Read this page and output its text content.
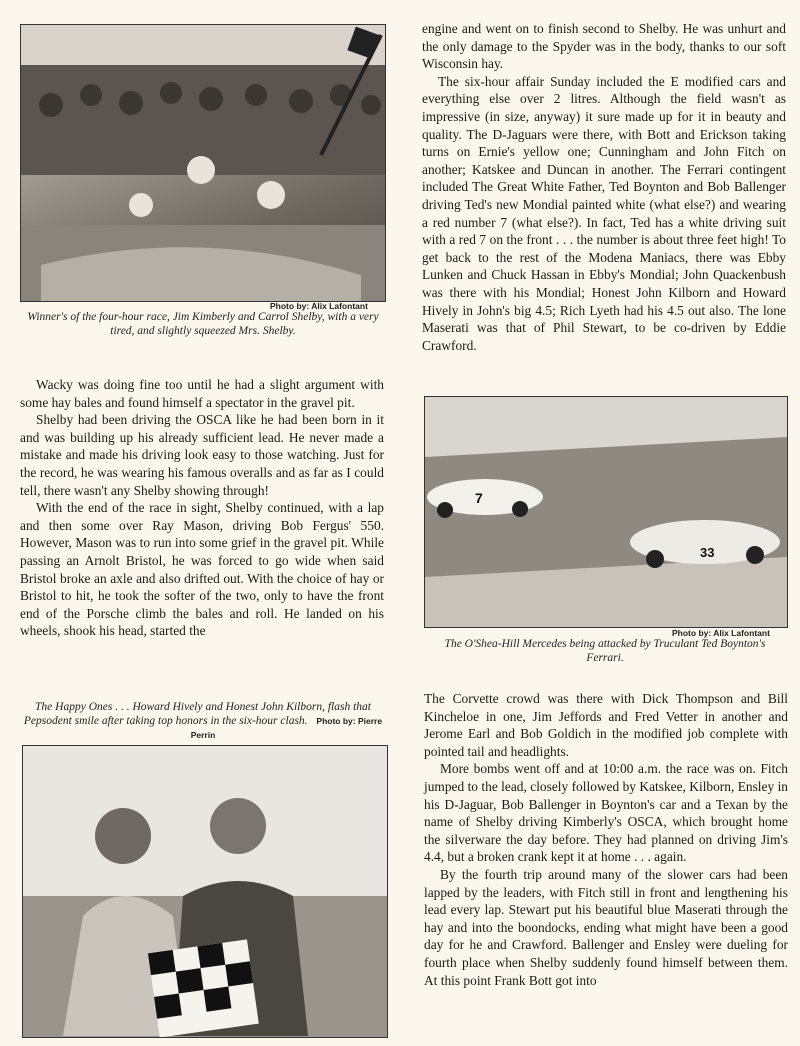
Photo by: Alix Lafontant
Winner's of the four-hour race, Jim Kimberly and Carrol Shelby, with a very tired, and slightly squeezed Mrs. Shelby.

Wacky was doing fine too until he had a slight argument with some hay bales and found himself a spectator in the gravel pit.

Shelby had been driving the OSCA like he had been born in it and was building up his already sufficient lead. He never made a mistake and made his driving look easy to those watching. Just for the record, he was wearing his famous overalls and as far as I could tell, there wasn't any Shelby showing through!

With the end of the race in sight, Shelby continued, with a lap and then some over Ray Mason, driving Bob Fergus' 550. However, Mason was to run into some grief in the gravel pit. While passing an Arnolt Bristol, he was forced to go wide when said Bristol broke an axle and also drifted out. With the choice of hay or Bristol to hit, he took the softer of the two, only to have the front end of the Porsche climb the bales and roll. He landed on his wheels, shook his head, started the

The Happy Ones . . . Howard Hively and Honest John Kilborn, flash that Pepsodent smile after taking top honors in the six-hour clash. Photo by: Pierre Perrin

engine and went on to finish second to Shelby. He was unhurt and the only damage to the Spyder was in the body, thanks to our soft Wisconsin hay.

The six-hour affair Sunday included the E modified cars and everything else over 2 litres. Although the field wasn't as impressive (in size, anyway) it sure made up for it in beauty and quality. The D-Jaguars were there, with Bott and Erickson taking turns on Ernie's yellow one; Cunningham and John Fitch on another; Katskee and Duncan in another. The Ferrari contingent included The Great White Father, Ted Boynton and Bob Ballenger driving Ted's new Mondial painted white (what else?) and wearing a red number 7 (what else?). In fact, Ted has a white driving suit with a red 7 on the front . . . the number is about three feet high! To get back to the rest of the Modena Maniacs, there was Ebby Lunken and Chuck Hassan in Ebby's Mondial; John Quackenbush was there with his Mondial; Honest John Kilborn and Howard Hively in John's big 4.5; Rich Lyeth had his 4.5 out also. The lone Maserati was that of Phil Stewart, to be co-driven by Eddie Crawford.

7
33
Photo by: Alix Lafontant
The O'Shea-Hill Mercedes being attacked by Truculant Ted Boynton's Ferrari.

The Corvette crowd was there with Dick Thompson and Bill Kincheloe in one, Jim Jeffords and Fred Vetter in another and Jerome Earl and Bob Goldich in the modified job complete with pointed tail and headlights.

More bombs went off and at 10:00 a.m. the race was on. Fitch jumped to the lead, closely followed by Katskee, Kilborn, Ensley in his D-Jaguar, Bob Ballenger in Boynton's car and a Texan by the name of Shelby driving Kimberly's OSCA, which brought home the silverware the day before. They had planned on driving Jim's 4.4, but a broken crank kept it at home . . . again.

By the fourth trip around many of the slower cars had been lapped by the leaders, with Fitch still in front and lengthening his lead every lap. Stewart put his beautiful blue Maserati through the hay and into the boondocks, ending what might have been a good day for he and Crawford. Ballenger and Ensley were dueling for fourth place when Shelby suddenly found himself between them. At this point Frank Bott got into
